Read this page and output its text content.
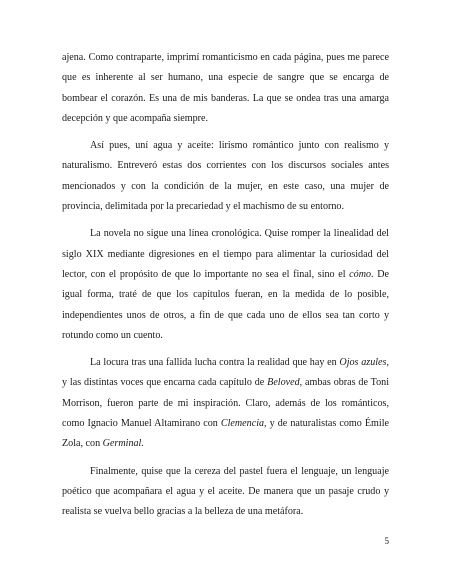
ajena. Como contraparte, imprimí romanticismo en cada página, pues me parece que es inherente al ser humano, una especie de sangre que se encarga de bombear el corazón. Es una de mis banderas. La que se ondea tras una amarga decepción y que acompaña siempre.

Así pues, uní agua y aceite: lirismo romántico junto con realismo y naturalismo. Entreveró estas dos corrientes con los discursos sociales antes mencionados y con la condición de la mujer, en este caso, una mujer de provincia, delimitada por la precariedad y el machismo de su entorno.

La novela no sigue una línea cronológica. Quise romper la linealidad del siglo XIX mediante digresiones en el tiempo para alimentar la curiosidad del lector, con el propósito de que lo importante no sea el final, sino el cómo. De igual forma, traté de que los capítulos fueran, en la medida de lo posible, independientes unos de otros, a fin de que cada uno de ellos sea tan corto y rotundo como un cuento.

La locura tras una fallida lucha contra la realidad que hay en Ojos azules, y las distintas voces que encarna cada capítulo de Beloved, ambas obras de Toni Morrison, fueron parte de mi inspiración. Claro, además de los románticos, como Ignacio Manuel Altamirano con Clemencia, y de naturalistas como Émile Zola, con Germinal.

Finalmente, quise que la cereza del pastel fuera el lenguaje, un lenguaje poético que acompañara el agua y el aceite. De manera que un pasaje crudo y realista se vuelva bello gracias a la belleza de una metáfora.

5
